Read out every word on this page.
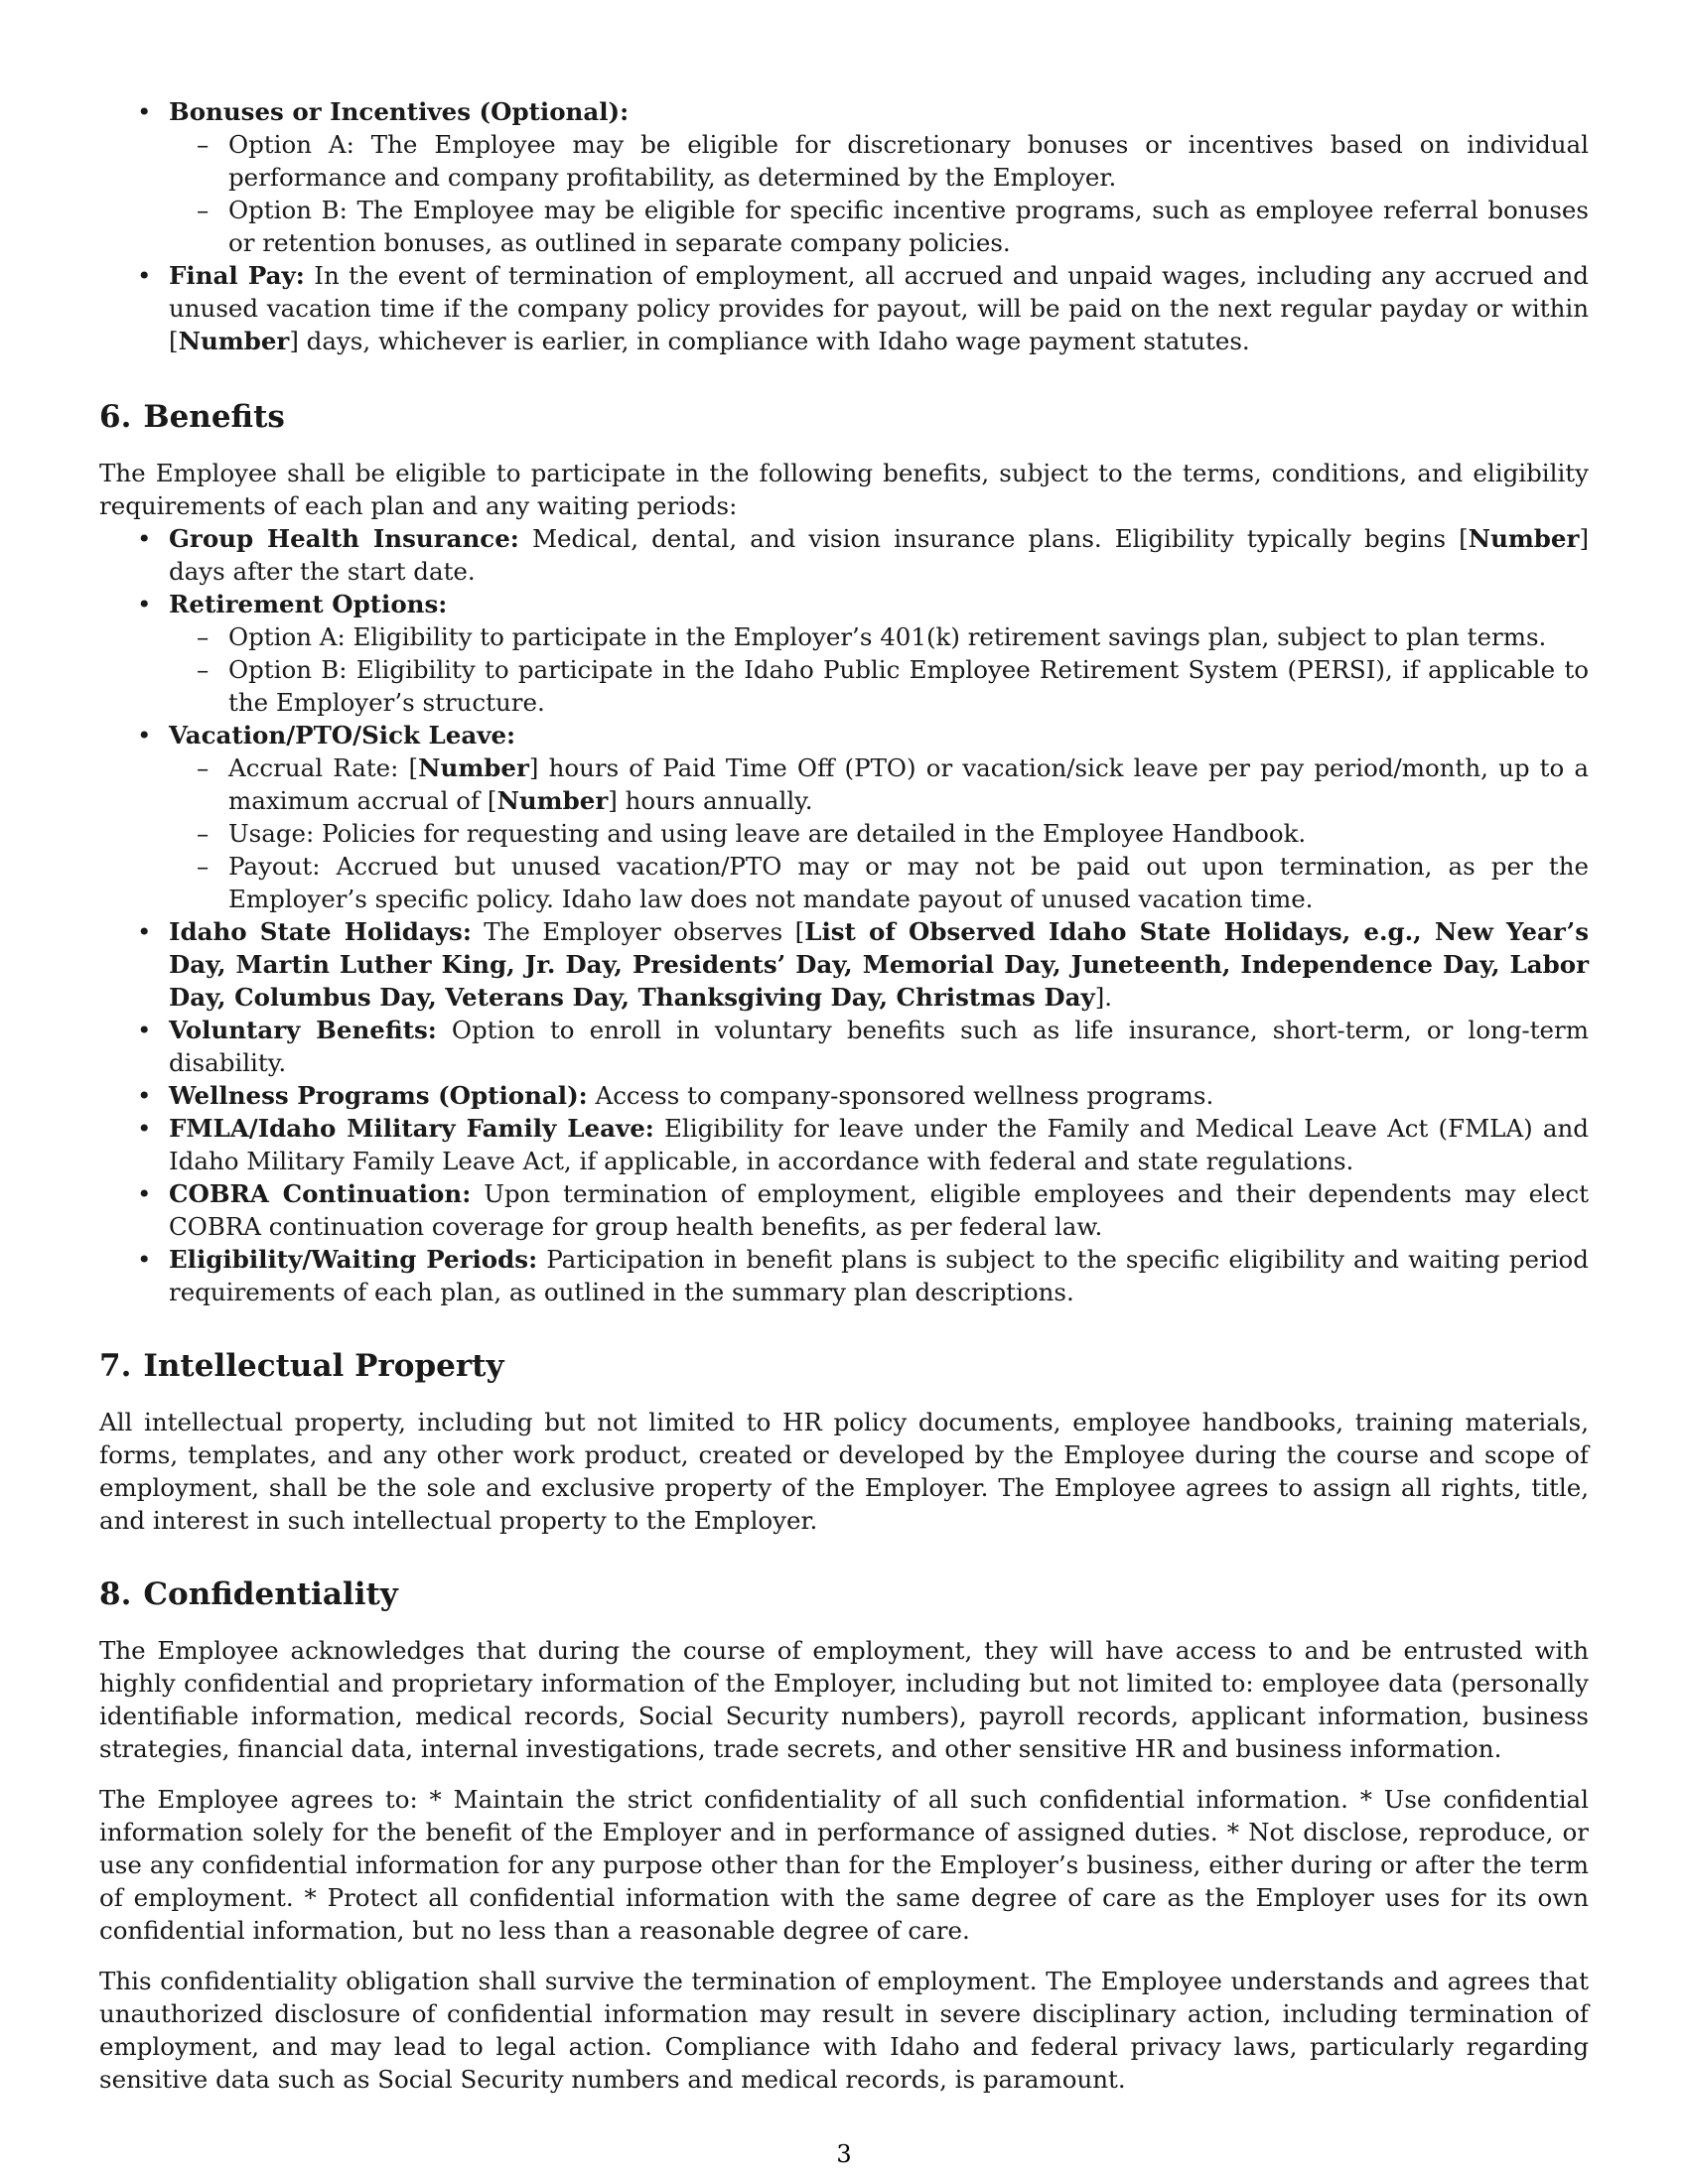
• Bonuses or Incentives (Optional):
– Option A: The Employee may be eligible for discretionary bonuses or incentives based on individual performance and company profitability, as determined by the Employer.
– Option B: The Employee may be eligible for specific incentive programs, such as employee referral bonuses or retention bonuses, as outlined in separate company policies.
• Final Pay: In the event of termination of employment, all accrued and unpaid wages, including any accrued and unused vacation time if the company policy provides for payout, will be paid on the next regular payday or within [Number] days, whichever is earlier, in compliance with Idaho wage payment statutes.
6. Benefits

The Employee shall be eligible to participate in the following benefits, subject to the terms, conditions, and eligibility requirements of each plan and any waiting periods:

• Group Health Insurance: Medical, dental, and vision insurance plans. Eligibility typically begins [Number] days after the start date.
• Retirement Options:
– Option A: Eligibility to participate in the Employer’s 401(k) retirement savings plan, subject to plan terms.
– Option B: Eligibility to participate in the Idaho Public Employee Retirement System (PERSI), if applicable to the Employer’s structure.
• Vacation/PTO/Sick Leave:
– Accrual Rate: [Number] hours of Paid Time Off (PTO) or vacation/sick leave per pay period/month, up to a maximum accrual of [Number] hours annually.
– Usage: Policies for requesting and using leave are detailed in the Employee Handbook.
– Payout: Accrued but unused vacation/PTO may or may not be paid out upon termination, as per the Employer’s specific policy. Idaho law does not mandate payout of unused vacation time.
• Idaho State Holidays: The Employer observes [List of Observed Idaho State Holidays, e.g., New Year’s Day, Martin Luther King, Jr. Day, Presidents’ Day, Memorial Day, Juneteenth, Independence Day, Labor Day, Columbus Day, Veterans Day, Thanksgiving Day, Christmas Day].
• Voluntary Benefits: Option to enroll in voluntary benefits such as life insurance, short-term, or long-term disability.
• Wellness Programs (Optional): Access to company-sponsored wellness programs.
• FMLA/Idaho Military Family Leave: Eligibility for leave under the Family and Medical Leave Act (FMLA) and Idaho Military Family Leave Act, if applicable, in accordance with federal and state regulations.
• COBRA Continuation: Upon termination of employment, eligible employees and their dependents may elect COBRA continuation coverage for group health benefits, as per federal law.
• Eligibility/Waiting Periods: Participation in benefit plans is subject to the specific eligibility and waiting period requirements of each plan, as outlined in the summary plan descriptions.
7. Intellectual Property

All intellectual property, including but not limited to HR policy documents, employee handbooks, training materials, forms, templates, and any other work product, created or developed by the Employee during the course and scope of employment, shall be the sole and exclusive property of the Employer. The Employee agrees to assign all rights, title, and interest in such intellectual property to the Employer.

8. Confidentiality

The Employee acknowledges that during the course of employment, they will have access to and be entrusted with highly confidential and proprietary information of the Employer, including but not limited to: employee data (personally identifiable information, medical records, Social Security numbers), payroll records, applicant information, business strategies, financial data, internal investigations, trade secrets, and other sensitive HR and business information.

The Employee agrees to: * Maintain the strict confidentiality of all such confidential information. * Use confidential information solely for the benefit of the Employer and in performance of assigned duties. * Not disclose, reproduce, or use any confidential information for any purpose other than for the Employer’s business, either during or after the term of employment. * Protect all confidential information with the same degree of care as the Employer uses for its own confidential information, but no less than a reasonable degree of care.

This confidentiality obligation shall survive the termination of employment. The Employee understands and agrees that unauthorized disclosure of confidential information may result in severe disciplinary action, including termination of employment, and may lead to legal action. Compliance with Idaho and federal privacy laws, particularly regarding sensitive data such as Social Security numbers and medical records, is paramount.

3
